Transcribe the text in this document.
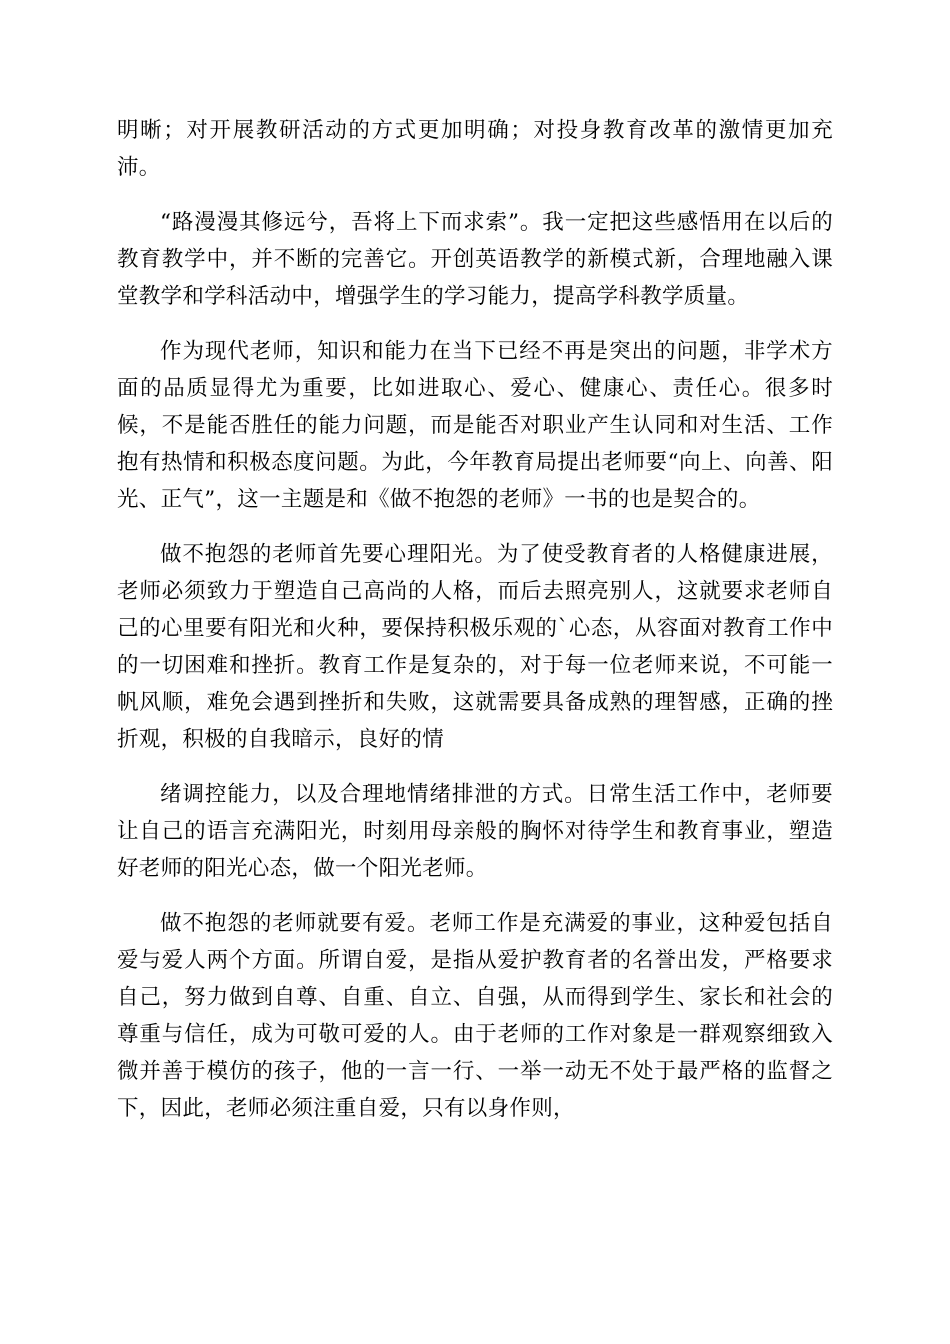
明晰；对开展教研活动的方式更加明确；对投身教育改革的激情更加充沛。

“路漫漫其修远兮，吾将上下而求索”。我一定把这些感悟用在以后的教育教学中，并不断的完善它。开创英语教学的新模式新，合理地融入课堂教学和学科活动中，增强学生的学习能力，提高学科教学质量。

作为现代老师，知识和能力在当下已经不再是突出的问题，非学术方面的品质显得尤为重要，比如进取心、爱心、健康心、责任心。很多时候，不是能否胜任的能力问题，而是能否对职业产生认同和对生活、工作抱有热情和积极态度问题。为此，今年教育局提出老师要“向上、向善、阳光、正气”，这一主题是和《做不抱怨的老师》一书的也是契合的。

做不抱怨的老师首先要心理阳光。为了使受教育者的人格健康进展，老师必须致力于塑造自己高尚的人格，而后去照亮别人，这就要求老师自己的心里要有阳光和火种，要保持积极乐观的`心态，从容面对教育工作中的一切困难和挫折。教育工作是复杂的，对于每一位老师来说，不可能一帆风顺，难免会遇到挫折和失败，这就需要具备成熟的理智感，正确的挫折观，积极的自我暗示，良好的情

绪调控能力，以及合理地情绪排泄的方式。日常生活工作中，老师要让自己的语言充满阳光，时刻用母亲般的胸怀对待学生和教育事业，塑造好老师的阳光心态，做一个阳光老师。

做不抱怨的老师就要有爱。老师工作是充满爱的事业，这种爱包括自爱与爱人两个方面。所谓自爱，是指从爱护教育者的名誉出发，严格要求自己，努力做到自尊、自重、自立、自强，从而得到学生、家长和社会的尊重与信任，成为可敬可爱的人。由于老师的工作对象是一群观察细致入微并善于模仿的孩子，他的一言一行、一举一动无不处于最严格的监督之下，因此，老师必须注重自爱，只有以身作则，
